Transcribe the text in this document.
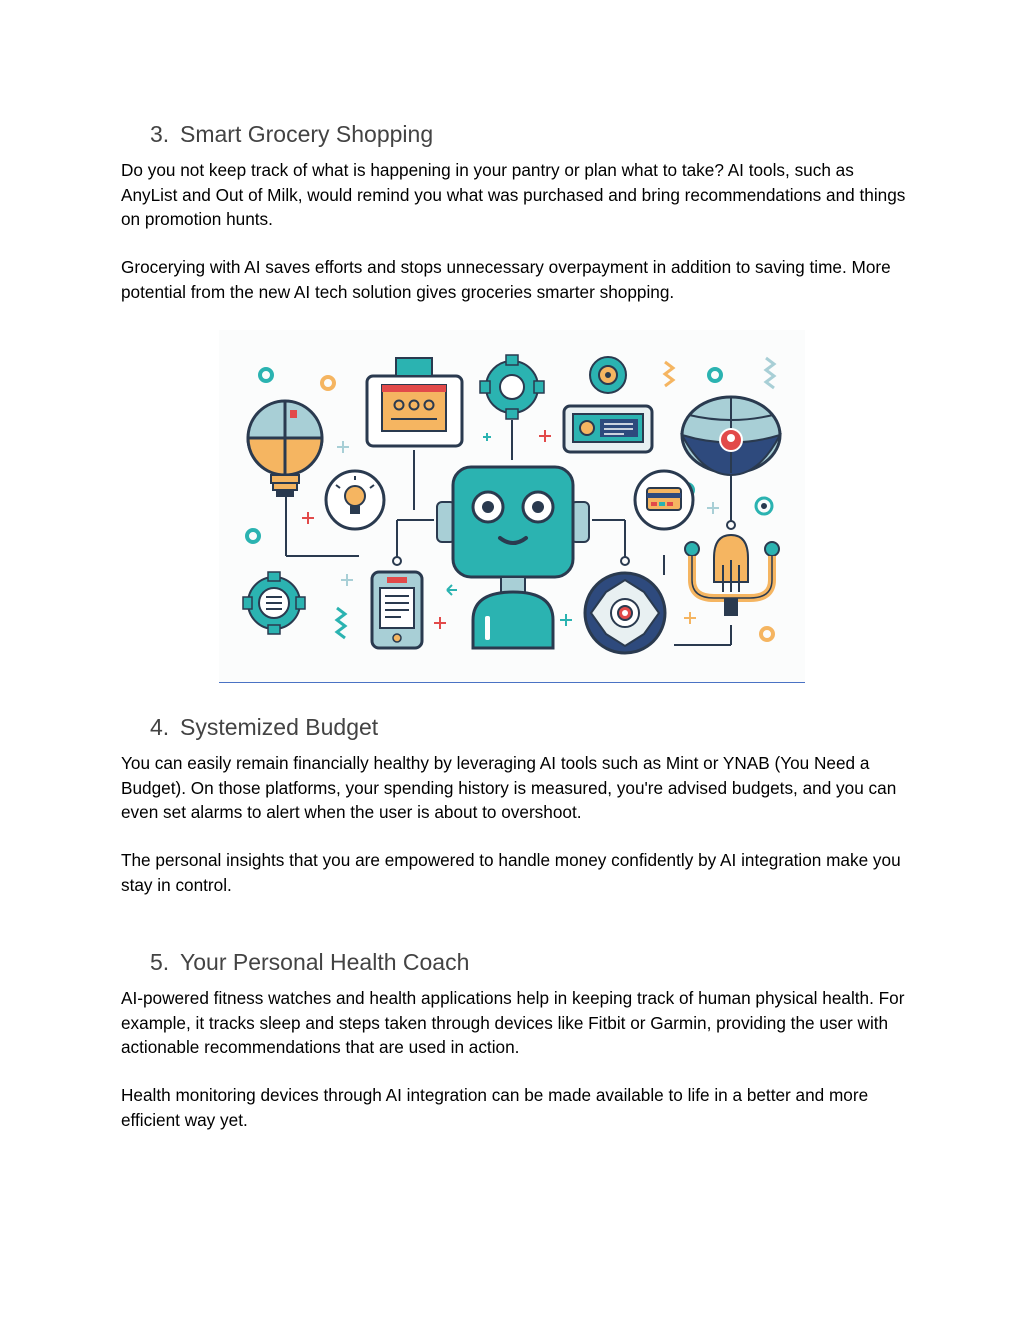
3. Smart Grocery Shopping

Do you not keep track of what is happening in your pantry or plan what to take? AI tools, such as AnyList and Out of Milk, would remind you what was purchased and bring recommendations and things on promotion hunts.

Grocerying with AI saves efforts and stops unnecessary overpayment in addition to saving time. More potential from the new AI tech solution gives groceries smarter shopping.

4. Systemized Budget

You can easily remain financially healthy by leveraging AI tools such as Mint or YNAB (You Need a Budget). On those platforms, your spending history is measured, you're advised budgets, and you can even set alarms to alert when the user is about to overshoot.

The personal insights that you are empowered to handle money confidently by AI integration make you stay in control.

5. Your Personal Health Coach

AI-powered fitness watches and health applications help in keeping track of human physical health. For example, it tracks sleep and steps taken through devices like Fitbit or Garmin, providing the user with actionable recommendations that are used in action.

Health monitoring devices through AI integration can be made available to life in a better and more efficient way yet.
